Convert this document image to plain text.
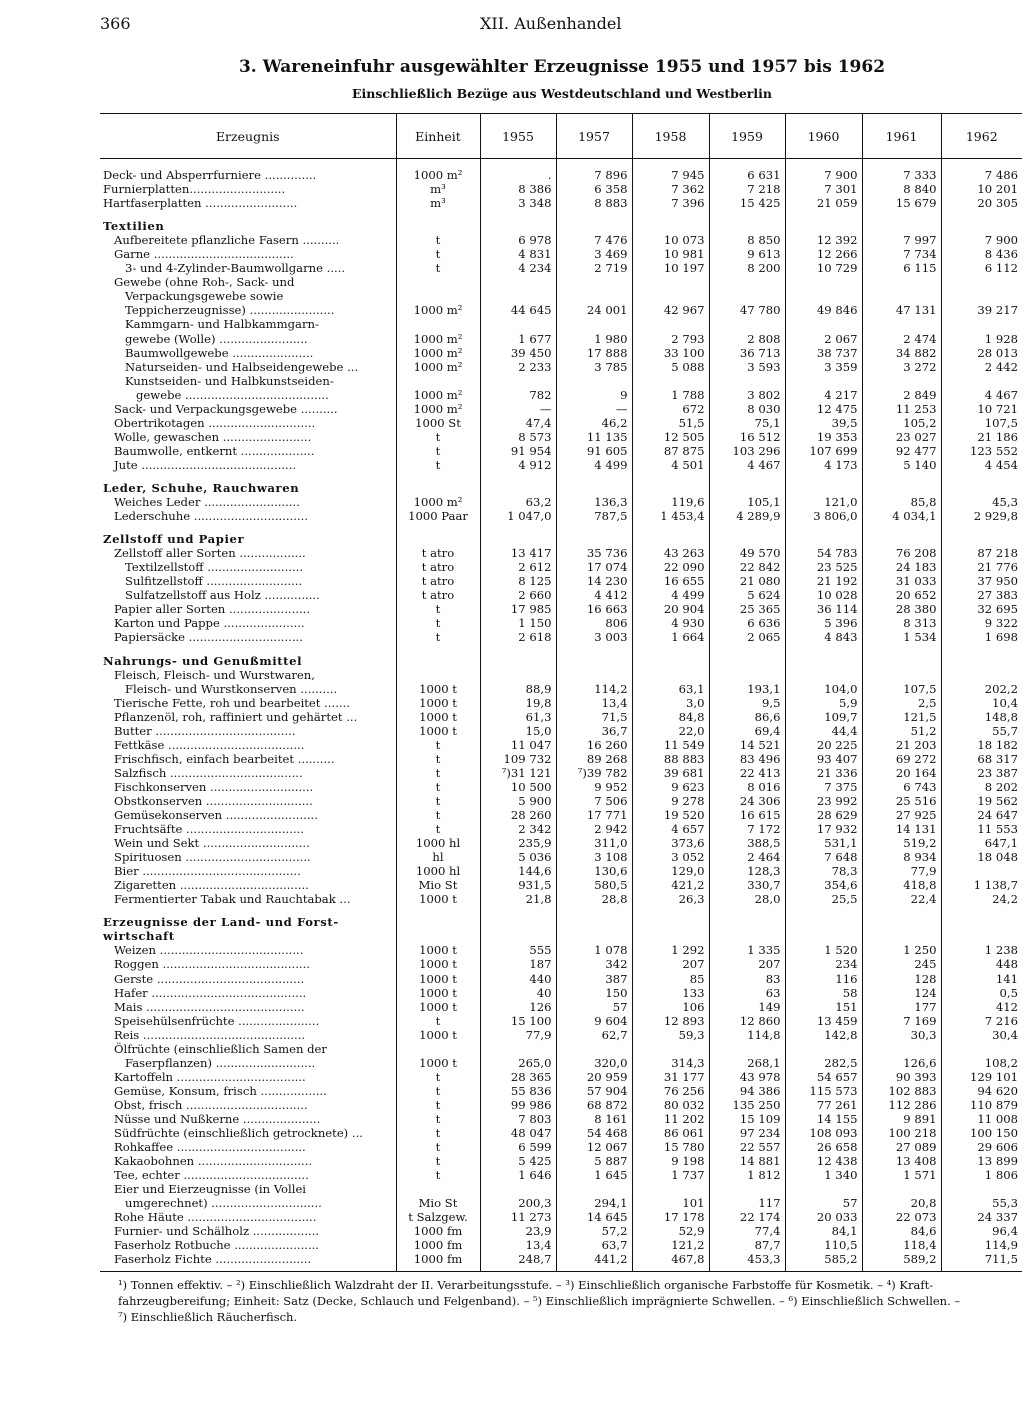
366	XII. Außenhandel
3. Wareneinfuhr ausgewählter Erzeugnisse 1955 und 1957 bis 1962
Einschließlich Bezüge aus Westdeutschland und Westberlin
Erzeugnis	Einheit	1955	1957	1958	1959	1960	1961	1962

Deck- und Absperrfurniere ..............	1000 m²	.	7 896	7 945	6 631	7 900	7 333	7 486
Furnierplatten..........................	m³	8 386	6 358	7 362	7 218	7 301	8 840	10 201
Hartfaserplatten .........................	m³	3 348	8 883	7 396	15 425	21 059	15 679	20 305

Textilien								
Aufbereitete pflanzliche Fasern ..........	t	6 978	7 476	10 073	8 850	12 392	7 997	7 900
Garne ......................................	t	4 831	3 469	10 981	9 613	12 266	7 734	8 436
3- und 4-Zylinder-Baumwollgarne .....	t	4 234	2 719	10 197	8 200	10 729	6 115	6 112
Gewebe (ohne Roh-, Sack- und								
Verpackungsgewebe sowie								
Teppicherzeugnisse) .......................	1000 m²	44 645	24 001	42 967	47 780	49 846	47 131	39 217
Kammgarn- und Halbkammgarn-								
gewebe (Wolle) ........................	1000 m²	1 677	1 980	2 793	2 808	2 067	2 474	1 928
Baumwollgewebe ......................	1000 m²	39 450	17 888	33 100	36 713	38 737	34 882	28 013
Naturseiden- und Halbseidengewebe ...	1000 m²	2 233	3 785	5 088	3 593	3 359	3 272	2 442
Kunstseiden- und Halbkunstseiden-								
gewebe .......................................	1000 m²	782	9	1 788	3 802	4 217	2 849	4 467
Sack- und Verpackungsgewebe ..........	1000 m²	—	—	672	8 030	12 475	11 253	10 721
Obertrikotagen .............................	1000 St	47,4	46,2	51,5	75,1	39,5	105,2	107,5
Wolle, gewaschen ........................	t	8 573	11 135	12 505	16 512	19 353	23 027	21 186
Baumwolle, entkernt ....................	t	91 954	91 605	87 875	103 296	107 699	92 477	123 552
Jute ..........................................	t	4 912	4 499	4 501	4 467	4 173	5 140	4 454

Leder, Schuhe, Rauchwaren								
Weiches Leder ..........................	1000 m²	63,2	136,3	119,6	105,1	121,0	85,8	45,3
Lederschuhe ...............................	1000 Paar	1 047,0	787,5	1 453,4	4 289,9	3 806,0	4 034,1	2 929,8

Zellstoff und Papier								
Zellstoff aller Sorten ..................	t atro	13 417	35 736	43 263	49 570	54 783	76 208	87 218
Textilzellstoff ..........................	t atro	2 612	17 074	22 090	22 842	23 525	24 183	21 776
Sulfitzellstoff ..........................	t atro	8 125	14 230	16 655	21 080	21 192	31 033	37 950
Sulfatzellstoff aus Holz ...............	t atro	2 660	4 412	4 499	5 624	10 028	20 652	27 383
Papier aller Sorten ......................	t	17 985	16 663	20 904	25 365	36 114	28 380	32 695
Karton und Pappe ......................	t	1 150	806	4 930	6 636	5 396	8 313	9 322
Papiersäcke ...............................	t	2 618	3 003	1 664	2 065	4 843	1 534	1 698

Nahrungs- und Genußmittel								
Fleisch, Fleisch- und Wurstwaren,								
Fleisch- und Wurstkonserven ..........	1000 t	88,9	114,2	63,1	193,1	104,0	107,5	202,2
Tierische Fette, roh und bearbeitet .......	1000 t	19,8	13,4	3,0	9,5	5,9	2,5	10,4
Pflanzenöl, roh, raffiniert und gehärtet ...	1000 t	61,3	71,5	84,8	86,6	109,7	121,5	148,8
Butter ......................................	1000 t	15,0	36,7	22,0	69,4	44,4	51,2	55,7
Fettkäse .....................................	t	11 047	16 260	11 549	14 521	20 225	21 203	18 182
Frischfisch, einfach bearbeitet ..........	t	109 732	89 268	88 883	83 496	93 407	69 272	68 317
Salzfisch ....................................	t	⁷)31 121	⁷)39 782	39 681	22 413	21 336	20 164	23 387
Fischkonserven ............................	t	10 500	9 952	9 623	8 016	7 375	6 743	8 202
Obstkonserven .............................	t	5 900	7 506	9 278	24 306	23 992	25 516	19 562
Gemüsekonserven .........................	t	28 260	17 771	19 520	16 615	28 629	27 925	24 647
Fruchtsäfte ................................	t	2 342	2 942	4 657	7 172	17 932	14 131	11 553
Wein und Sekt .............................	1000 hl	235,9	311,0	373,6	388,5	531,1	519,2	647,1
Spirituosen ..................................	hl	5 036	3 108	3 052	2 464	7 648	8 934	18 048
Bier ...........................................	1000 hl	144,6	130,6	129,0	128,3	78,3	77,9	
Zigaretten ...................................	Mio St	931,5	580,5	421,2	330,7	354,6	418,8	1 138,7
Fermentierter Tabak und Rauchtabak ...	1000 t	21,8	28,8	26,3	28,0	25,5	22,4	24,2

Erzeugnisse der Land- und Forst-								
wirtschaft								
Weizen .......................................	1000 t	555	1 078	1 292	1 335	1 520	1 250	1 238
Roggen ........................................	1000 t	187	342	207	207	234	245	448
Gerste ........................................	1000 t	440	387	85	83	116	128	141
Hafer ..........................................	1000 t	40	150	133	63	58	124	0,5
Mais ...........................................	1000 t	126	57	106	149	151	177	412
Speisehülsenfrüchte ......................	t	15 100	9 604	12 893	12 860	13 459	7 169	7 216
Reis ............................................	1000 t	77,9	62,7	59,3	114,8	142,8	30,3	30,4
Ölfrüchte (einschließlich Samen der								
Faserpflanzen) ...........................	1000 t	265,0	320,0	314,3	268,1	282,5	126,6	108,2
Kartoffeln ...................................	t	28 365	20 959	31 177	43 978	54 657	90 393	129 101
Gemüse, Konsum, frisch ..................	t	55 836	57 904	76 256	94 386	115 573	102 883	94 620
Obst, frisch .................................	t	99 986	68 872	80 032	135 250	77 261	112 286	110 879
Nüsse und Nußkerne .....................	t	7 803	8 161	11 202	15 109	14 155	9 891	11 008
Südfrüchte (einschließlich getrocknete) ...	t	48 047	54 468	86 061	97 234	108 093	100 218	100 150
Rohkaffee ...................................	t	6 599	12 067	15 780	22 557	26 658	27 089	29 606
Kakaobohnen ...............................	t	5 425	5 887	9 198	14 881	12 438	13 408	13 899
Tee, echter ..................................	t	1 646	1 645	1 737	1 812	1 340	1 571	1 806
Eier und Eierzeugnisse (in Vollei								
umgerechnet) ..............................	Mio St	200,3	294,1	101	117	57	20,8	55,3
Rohe Häute ...................................	t Salzgew.	11 273	14 645	17 178	22 174	20 033	22 073	24 337
Furnier- und Schälholz ..................	1000 fm	23,9	57,2	52,9	77,4	84,1	84,6	96,4
Faserholz Rotbuche .......................	1000 fm	13,4	63,7	121,2	87,7	110,5	118,4	114,9
Faserholz Fichte ..........................	1000 fm	248,7	441,2	467,8	453,3	585,2	589,2	711,5

¹) Tonnen effektiv. – ²) Einschließlich Walzdraht der II. Verarbeitungsstufe. – ³) Einschließlich organische Farbstoffe für Kosmetik. – ⁴) Kraft-
fahrzeugbereifung; Einheit: Satz (Decke, Schlauch und Felgenband). – ⁵) Einschließlich imprägnierte Schwellen. – ⁶) Einschließlich Schwellen. –
⁷) Einschließlich Räucherfisch.
